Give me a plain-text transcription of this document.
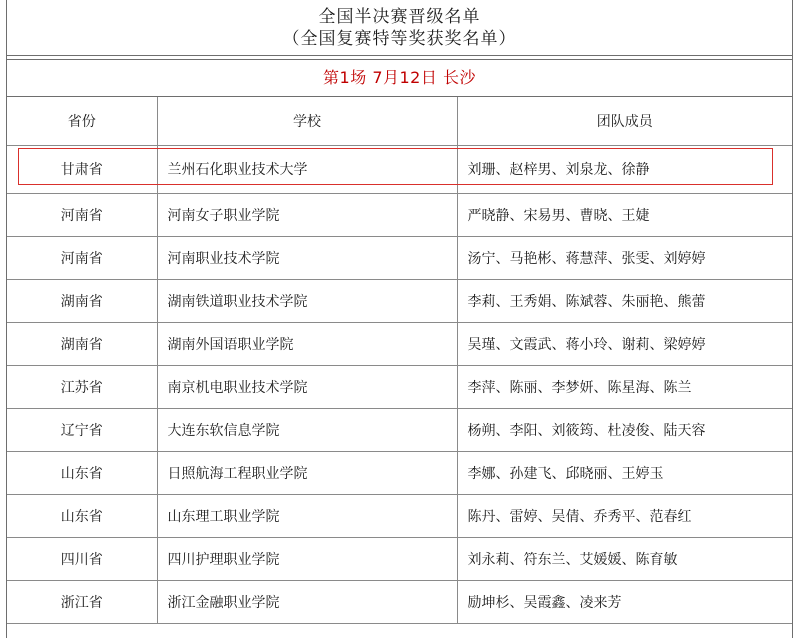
全国半决赛晋级名单
（全国复赛特等奖获奖名单）
第1场 7月12日 长沙
省份	学校	团队成员
甘肃省	兰州石化职业技术大学	刘珊、赵梓男、刘泉龙、徐静
河南省	河南女子职业学院	严晓静、宋易男、曹晓、王婕
河南省	河南职业技术学院	汤宁、马艳彬、蒋慧萍、张雯、刘婷婷
湖南省	湖南铁道职业技术学院	李莉、王秀娟、陈斌蓉、朱丽艳、熊蕾
湖南省	湖南外国语职业学院	吴瑾、文霞武、蒋小玲、谢莉、梁婷婷
江苏省	南京机电职业技术学院	李萍、陈丽、李梦妍、陈星海、陈兰
辽宁省	大连东软信息学院	杨朔、李阳、刘筱筠、杜凌俊、陆天容
山东省	日照航海工程职业学院	李娜、孙建飞、邱晓丽、王婷玉
山东省	山东理工职业学院	陈丹、雷婷、吴倩、乔秀平、范春红
四川省	四川护理职业学院	刘永莉、符东兰、艾媛媛、陈育敏
浙江省	浙江金融职业学院	励坤杉、吴霞鑫、凌来芳
